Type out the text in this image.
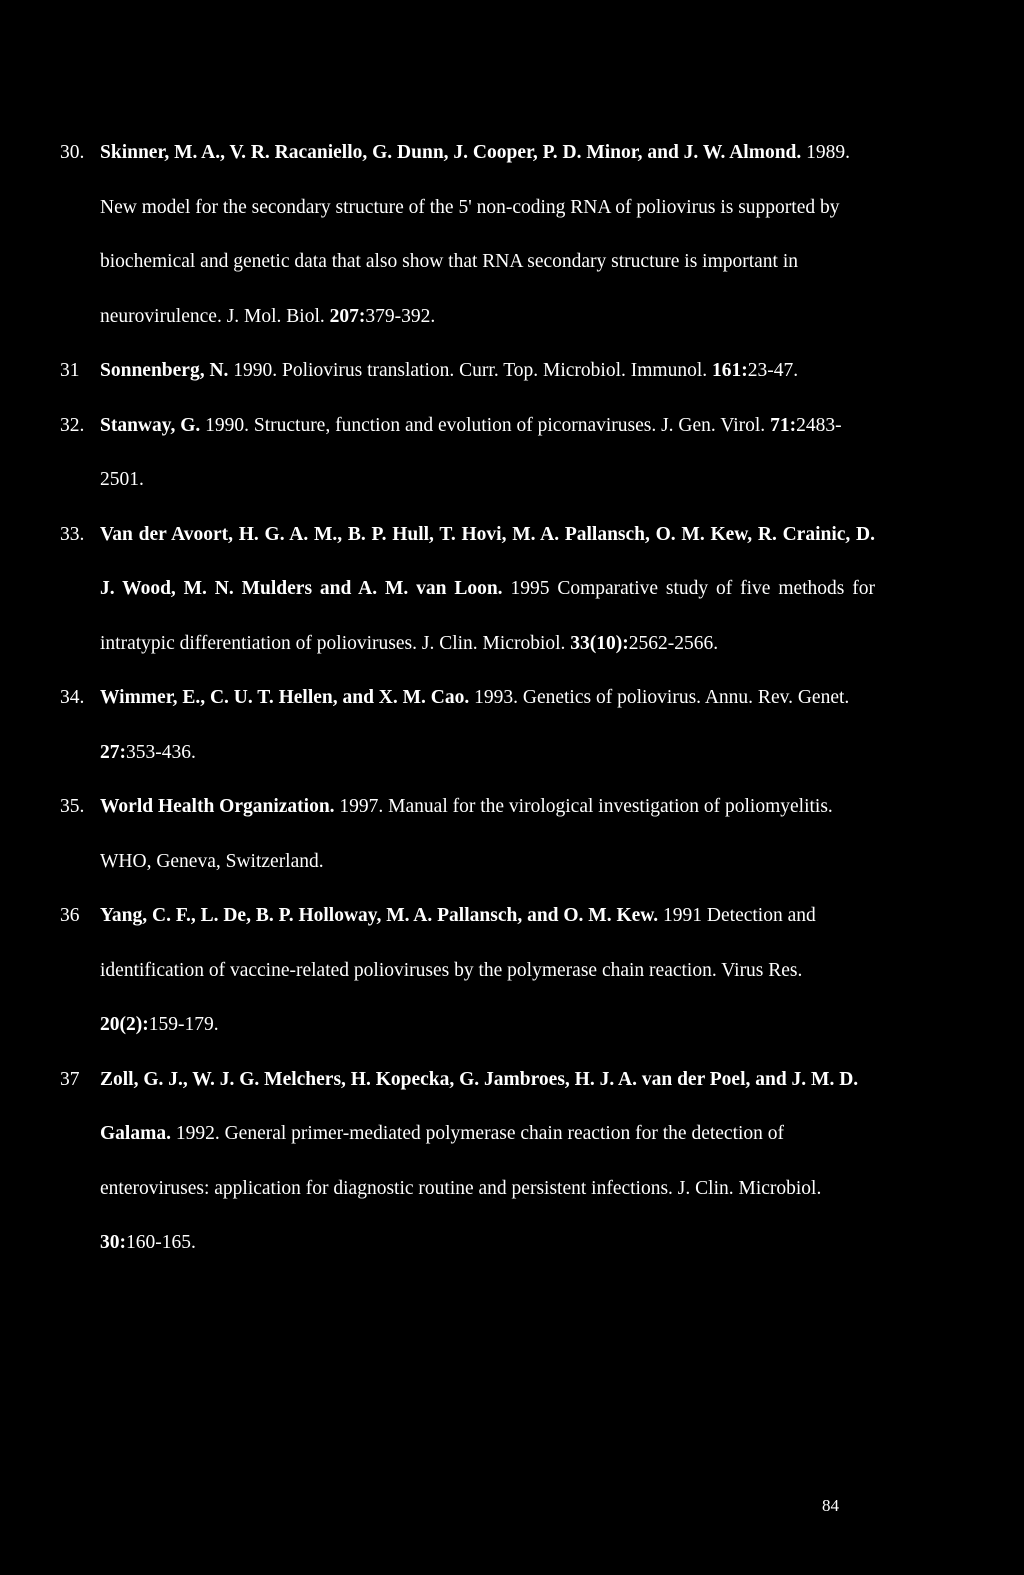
30. Skinner, M. A., V. R. Racaniello, G. Dunn, J. Cooper, P. D. Minor, and J. W. Almond. 1989. New model for the secondary structure of the 5' non-coding RNA of poliovirus is supported by biochemical and genetic data that also show that RNA secondary structure is important in neurovirulence. J. Mol. Biol. 207:379-392.
31 Sonnenberg, N. 1990. Poliovirus translation. Curr. Top. Microbiol. Immunol. 161:23-47.
32. Stanway, G. 1990. Structure, function and evolution of picornaviruses. J. Gen. Virol. 71:2483-2501.
33. Van der Avoort, H. G. A. M., B. P. Hull, T. Hovi, M. A. Pallansch, O. M. Kew, R. Crainic, D. J. Wood, M. N. Mulders and A. M. van Loon. 1995 Comparative study of five methods for intratypic differentiation of polioviruses. J. Clin. Microbiol. 33(10):2562-2566.
34. Wimmer, E., C. U. T. Hellen, and X. M. Cao. 1993. Genetics of poliovirus. Annu. Rev. Genet. 27:353-436.
35. World Health Organization. 1997. Manual for the virological investigation of poliomyelitis. WHO, Geneva, Switzerland.
36 Yang, C. F., L. De, B. P. Holloway, M. A. Pallansch, and O. M. Kew. 1991 Detection and identification of vaccine-related polioviruses by the polymerase chain reaction. Virus Res. 20(2):159-179.
37 Zoll, G. J., W. J. G. Melchers, H. Kopecka, G. Jambroes, H. J. A. van der Poel, and J. M. D. Galama. 1992. General primer-mediated polymerase chain reaction for the detection of enteroviruses: application for diagnostic routine and persistent infections. J. Clin. Microbiol. 30:160-165.
84
